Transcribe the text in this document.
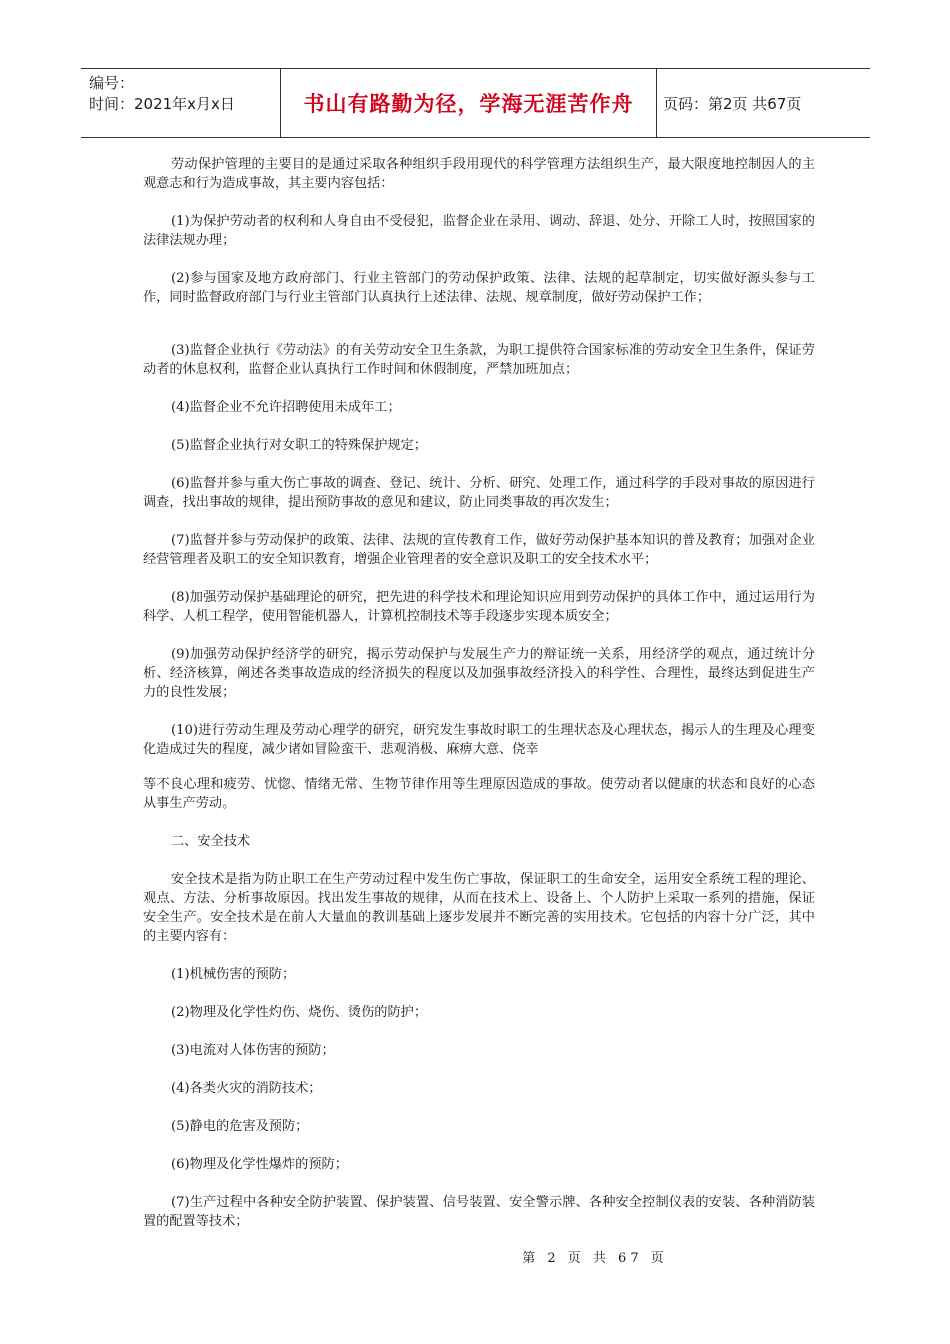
编号：
时间：2021年x月x日	书山有路勤为径，学海无涯苦作舟	页码：第2页 共67页

劳动保护管理的主要目的是通过采取各种组织手段用现代的科学管理方法组织生产，最大限度地控制因人的主观意志和行为造成事故，其主要内容包括：

(1)为保护劳动者的权利和人身自由不受侵犯，监督企业在录用、调动、辞退、处分、开除工人时，按照国家的法律法规办理；

(2)参与国家及地方政府部门、行业主管部门的劳动保护政策、法律、法规的起草制定，切实做好源头参与工作，同时监督政府部门与行业主管部门认真执行上述法律、法规、规章制度，做好劳动保护工作；

(3)监督企业执行《劳动法》的有关劳动安全卫生条款，为职工提供符合国家标准的劳动安全卫生条件，保证劳动者的休息权利，监督企业认真执行工作时间和休假制度，严禁加班加点；

(4)监督企业不允许招聘使用未成年工；

(5)监督企业执行对女职工的特殊保护规定；

(6)监督并参与重大伤亡事故的调查、登记、统计、分析、研究、处理工作，通过科学的手段对事故的原因进行调查，找出事故的规律，提出预防事故的意见和建议，防止同类事故的再次发生；

(7)监督并参与劳动保护的政策、法律、法规的宣传教育工作，做好劳动保护基本知识的普及教育；加强对企业经营管理者及职工的安全知识教育，增强企业管理者的安全意识及职工的安全技术水平；

(8)加强劳动保护基础理论的研究，把先进的科学技术和理论知识应用到劳动保护的具体工作中，通过运用行为科学、人机工程学，使用智能机器人，计算机控制技术等手段逐步实现本质安全；

(9)加强劳动保护经济学的研究，揭示劳动保护与发展生产力的辩证统一关系，用经济学的观点，通过统计分析、经济核算，阐述各类事故造成的经济损失的程度以及加强事故经济投入的科学性、合理性，最终达到促进生产力的良性发展；

(10)进行劳动生理及劳动心理学的研究，研究发生事故时职工的生理状态及心理状态，揭示人的生理及心理变化造成过失的程度，减少诸如冒险蛮干、悲观消极、麻痹大意、侥幸

等不良心理和疲劳、忧惚、情绪无常、生物节律作用等生理原因造成的事故。使劳动者以健康的状态和良好的心态从事生产劳动。

二、安全技术

安全技术是指为防止职工在生产劳动过程中发生伤亡事故，保证职工的生命安全，运用安全系统工程的理论、观点、方法、分析事故原因。找出发生事故的规律，从而在技术上、设备上、个人防护上采取一系列的措施，保证安全生产。安全技术是在前人大量血的教训基础上逐步发展并不断完善的实用技术。它包括的内容十分广泛，其中的主要内容有：

(1)机械伤害的预防；

(2)物理及化学性灼伤、烧伤、烫伤的防护；

(3)电流对人体伤害的预防；

(4)各类火灾的消防技术；

(5)静电的危害及预防；

(6)物理及化学性爆炸的预防；

(7)生产过程中各种安全防护装置、保护装置、信号装置、安全警示牌、各种安全控制仪表的安装、各种消防装置的配置等技术；

第 2 页 共 67 页
